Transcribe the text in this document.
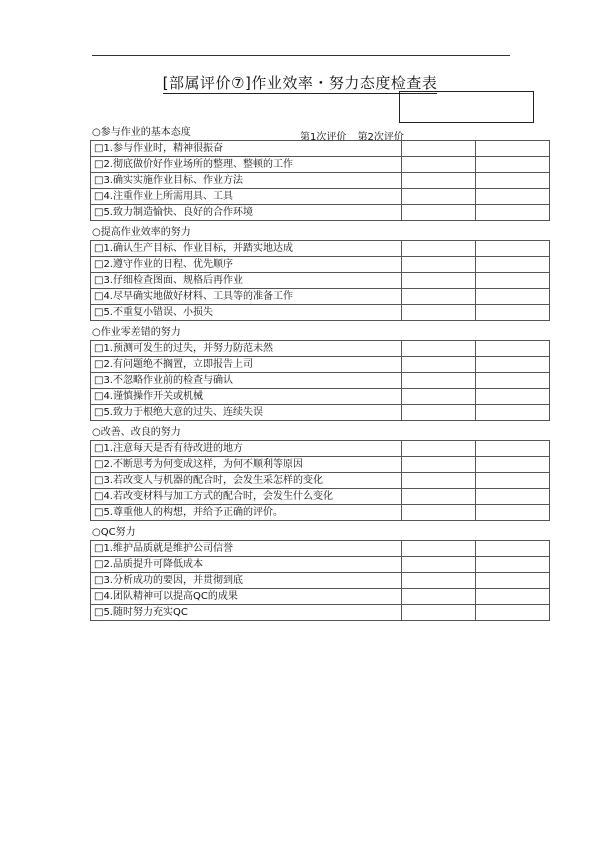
[部属评价⑦]作业效率・努力态度检查表
第1次评价 第2次评价
○参与作业的基本态度
□1.参与作业时，精神很振奋		
□2.彻底做价好作业场所的整理、整顿的工作		
□3.确实实施作业目标、作业方法		
□4.注重作业上所需用具、工具		
□5.致力制造愉快、良好的合作环境		
○提高作业效率的努力
□1.确认生产目标、作业目标，并踏实地达成		
□2.遵守作业的日程、优先顺序		
□3.仔细检查图面、规格后再作业		
□4.尽早确实地做好材料、工具等的准备工作		
□5.不重复小错误、小损失		
○作业零差错的努力
□1.预测可发生的过失，并努力防范未然		
□2.有问题绝不搁置，立即报告上司		
□3.不忽略作业前的检查与确认		
□4.谨慎操作开关或机械		
□5.致力于根绝大意的过失、连续失误		
○改善、改良的努力
□1.注意每天是否有待改进的地方		
□2.不断思考为何变成这样，为何不顺利等原因		
□3.若改变人与机器的配合时，会发生采怎样的变化		
□4.若改变材料与加工方式的配合时，会发生什么变化		
□5.尊重他人的构想，并给予正确的评价。		
○QC努力
□1.维护品质就是维护公司信誉		
□2.品质提升可降低成本		
□3.分析成功的要因，并贯彻到底		
□4.团队精神可以提高QC的成果		
□5.随时努力充实QC		
